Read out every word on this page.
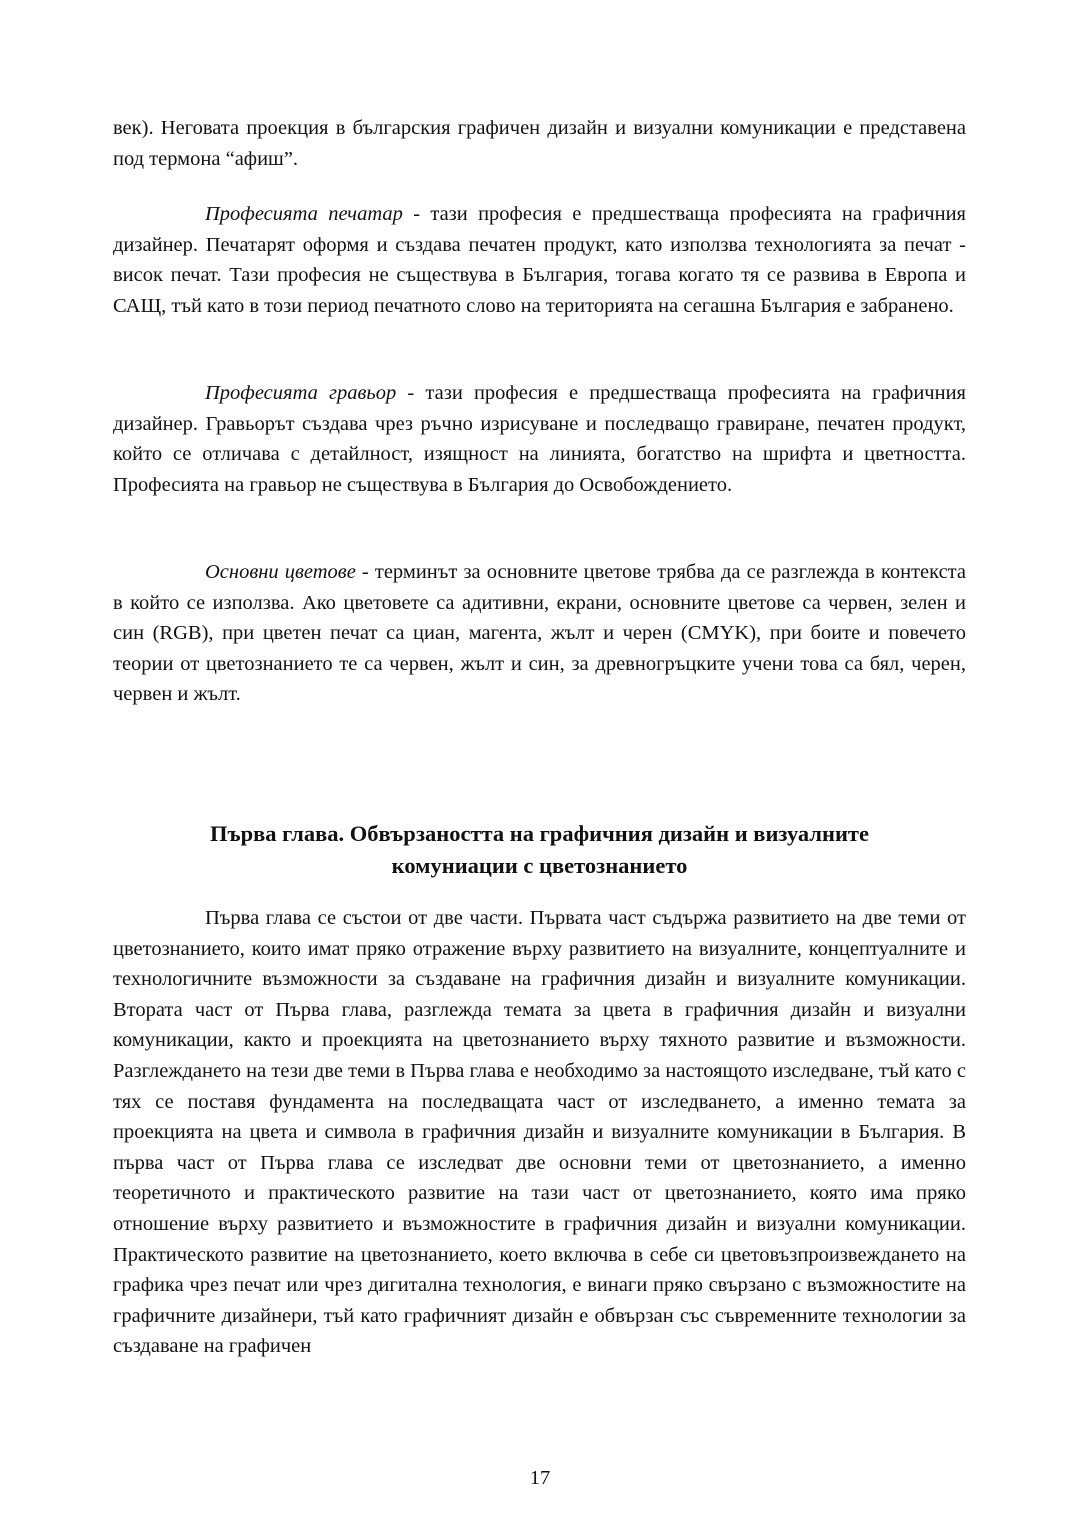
век). Неговата проекция в българския графичен дизайн и визуални комуникации е представена под термона “афиш”.

Професията печатар - тази професия е предшестваща професията на графичния дизайнер. Печатарят оформя и създава печатен продукт, като използва технологията за печат - висок печат. Тази професия не съществува в България, тогава когато тя се развива в Европа и САЩ, тъй като в този период печатното слово на територията на сегашна България е забранено.

Професията гравьор - тази професия е предшестваща професията на графичния дизайнер. Гравьорът създава чрез ръчно изрисуване и последващо гравиране, печатен продукт, който се отличава с детайлност, изящност на линията, богатство на шрифта и цветността. Професията на гравьор не съществува в България до Освобождението.

Основни цветове - терминът за основните цветове трябва да се разглежда в контекста в който се използва. Ако цветовете са адитивни, екрани, основните цветове са червен, зелен и син (RGB), при цветен печат са циан, магента, жълт и черен (CMYK), при боите и повечето теории от цветознанието те са червен, жълт и син, за древногръцките учени това са бял, черен, червен и жълт.

Първа глава. Обвързаността на графичния дизайн и визуалните
комуниации с цветознанието

Първа глава се състои от две части. Първата част съдържа развитието на две теми от цветознанието, които имат пряко отражение върху развитието на визуалните, концептуалните и технологичните възможности за създаване на графичния дизайн и визуалните комуникации. Втората част от Първа глава, разглежда темата за цвета в графичния дизайн и визуални комуникации, както и проекцията на цветознанието върху тяхното развитие и възможности. Разглеждането на тези две теми в Първа глава е необходимо за настоящото изследване, тъй като с тях се поставя фундамента на последващата част от изследването, а именно темата за проекцията на цвета и символа в графичния дизайн и визуалните комуникации в България. В първа част от Първа глава се изследват две основни теми от цветознанието, а именно теоретичното и практическото развитие на тази част от цветознанието, която има пряко отношение върху развитието и възможностите в графичния дизайн и визуални комуникации. Практическото развитие на цветознанието, което включва в себе си цветовъзпроизвеждането на графика чрез печат или чрез дигитална технология, е винаги пряко свързано с възможностите на графичните дизайнери, тъй като графичният дизайн е обвързан със съвременните технологии за създаване на графичен

17
